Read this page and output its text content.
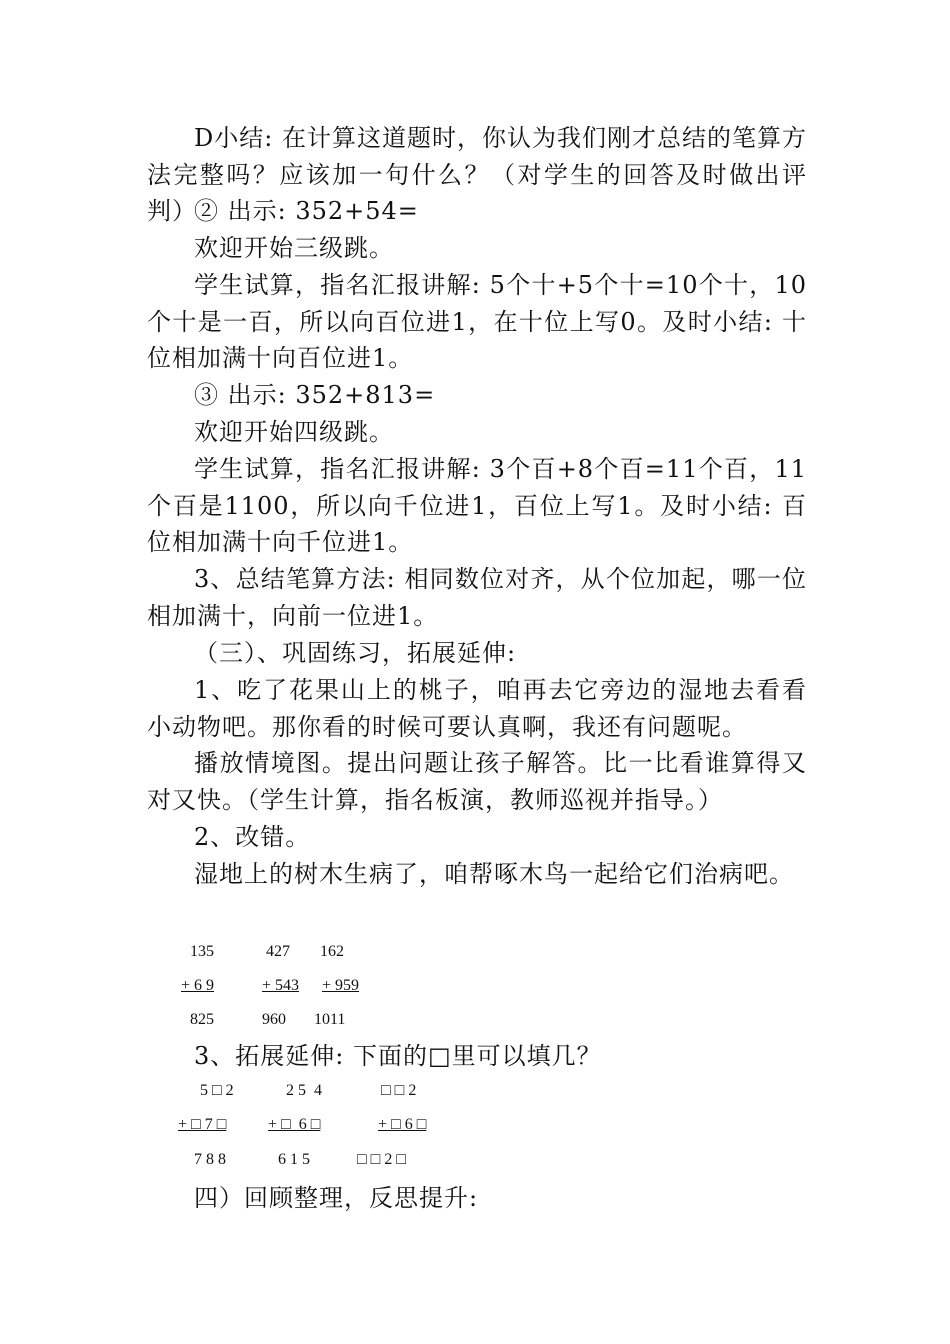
D小结: 在计算这道题时，你认为我们刚才总结的笔算方法完整吗？应该加一句什么？（对学生的回答及时做出评判）

② 出示: 352+54=

欢迎开始三级跳。

学生试算，指名汇报讲解: 5个十+5个十=10个十，10个十是一百，所以向百位进1，在十位上写0。及时小结: 十位相加满十向百位进1。

③ 出示: 352+813=

欢迎开始四级跳。

学生试算，指名汇报讲解: 3个百+8个百=11个百，11个百是1100，所以向千位进1，百位上写1。及时小结: 百位相加满十向千位进1。

3、总结笔算方法: 相同数位对齐，从个位加起，哪一位相加满十，向前一位进1。

（三）、巩固练习，拓展延伸:

1、吃了花果山上的桃子，咱再去它旁边的湿地去看看小动物吧。那你看的时候可要认真啊，我还有问题呢。

播放情境图。提出问题让孩子解答。比一比看谁算得又对又快。（学生计算，指名板演，教师巡视并指导。）

2、改错。

湿地上的树木生病了，咱帮啄木鸟一起给它们治病吧。

135
+ 6 9
825
427
+ 543
960
162
+ 959
1011

3、拓展延伸: 下面的□里可以填几？

5 □ 2
+ □ 7 □
7 8 8
2 5  4
+ □  6 □
6 1 5
□ □ 2
+ □ 6 □
□ □ 2 □

四）回顾整理，反思提升:
